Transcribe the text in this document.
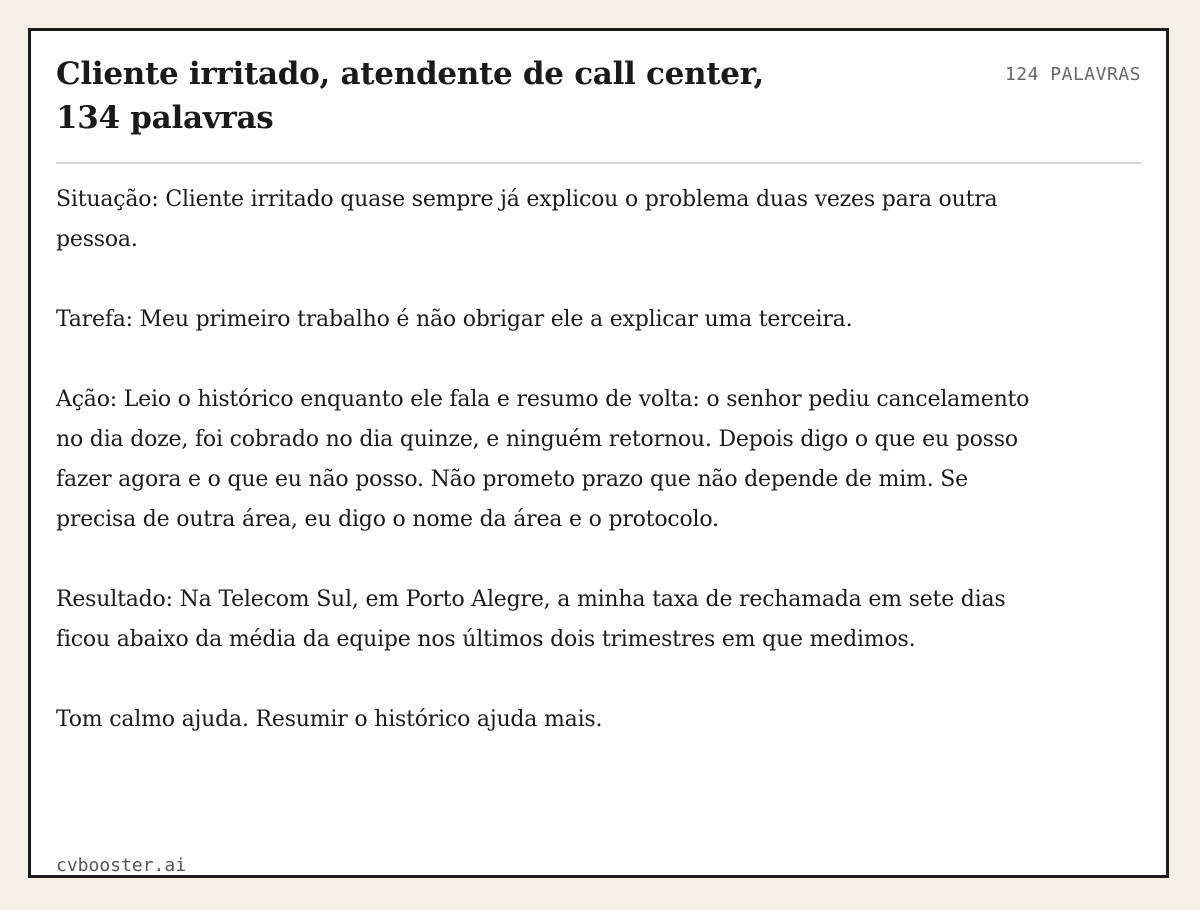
Cliente irritado, atendente de call center, 134 palavras
124 PALAVRAS

Situação: Cliente irritado quase sempre já explicou o problema duas vezes para outra pessoa.

Tarefa: Meu primeiro trabalho é não obrigar ele a explicar uma terceira.

Ação: Leio o histórico enquanto ele fala e resumo de volta: o senhor pediu cancelamento no dia doze, foi cobrado no dia quinze, e ninguém retornou. Depois digo o que eu posso fazer agora e o que eu não posso. Não prometo prazo que não depende de mim. Se precisa de outra área, eu digo o nome da área e o protocolo.

Resultado: Na Telecom Sul, em Porto Alegre, a minha taxa de rechamada em sete dias ficou abaixo da média da equipe nos últimos dois trimestres em que medimos.

Tom calmo ajuda. Resumir o histórico ajuda mais.

cvbooster.ai
